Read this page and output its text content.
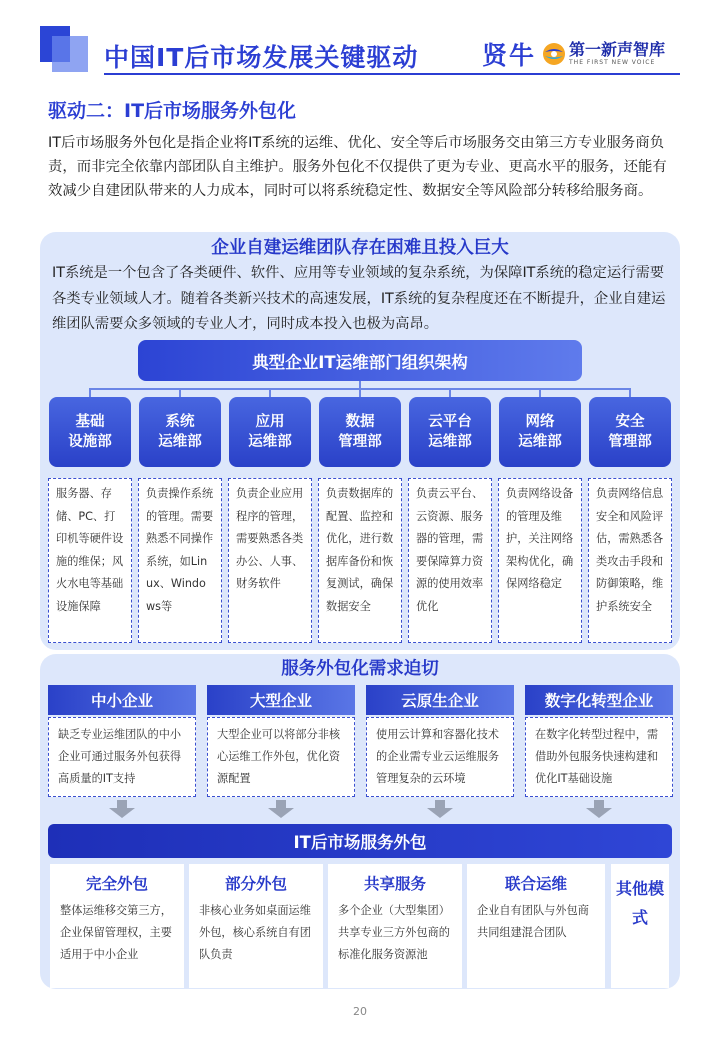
中国IT后市场发展关键驱动	贤牛 第一新声智库
THE FIRST NEW VOICE
驱动二：IT后市场服务外包化
IT后市场服务外包化是指企业将IT系统的运维、优化、安全等后市场服务交由第三方专业服务商负责，而非完全依靠内部团队自主维护。服务外包化不仅提供了更为专业、更高水平的服务，还能有效减少自建团队带来的人力成本，同时可以将系统稳定性、数据安全等风险部分转移给服务商。
企业自建运维团队存在困难且投入巨大
IT系统是一个包含了各类硬件、软件、应用等专业领域的复杂系统，为保障IT系统的稳定运行需要各类专业领域人才。随着各类新兴技术的高速发展，IT系统的复杂程度还在不断提升，企业自建运维团队需要众多领域的专业人才，同时成本投入也极为高昂。
典型企业IT运维部门组织架构
基础
设施部
系统
运维部
应用
运维部
数据
管理部
云平台
运维部
网络
运维部
安全
管理部
服务器、存储、PC、打印机等硬件设施的维保；风火水电等基础设施保障
负责操作系统的管理。需要熟悉不同操作系统，如Linux、Windows等
负责企业应用程序的管理，需要熟悉各类办公、人事、财务软件
负责数据库的配置、监控和优化，进行数据库备份和恢复测试，确保数据安全
负责云平台、云资源、服务器的管理，需要保障算力资源的使用效率优化
负责网络设备的管理及维护，关注网络架构优化，确保网络稳定
负责网络信息安全和风险评估，需熟悉各类攻击手段和防御策略，维护系统安全
服务外包化需求迫切
中小企业	大型企业	云原生企业	数字化转型企业
缺乏专业运维团队的中小企业可通过服务外包获得高质量的IT支持
大型企业可以将部分非核心运维工作外包，优化资源配置
使用云计算和容器化技术的企业需专业云运维服务管理复杂的云环境
在数字化转型过程中，需借助外包服务快速构建和优化IT基础设施
IT后市场服务外包
完全外包
整体运维移交第三方，企业保留管理权，主要适用于中小企业
部分外包
非核心业务如桌面运维外包，核心系统自有团队负责
共享服务
多个企业（大型集团）共享专业三方外包商的标准化服务资源池
联合运维
企业自有团队与外包商共同组建混合团队
其他模式
20
